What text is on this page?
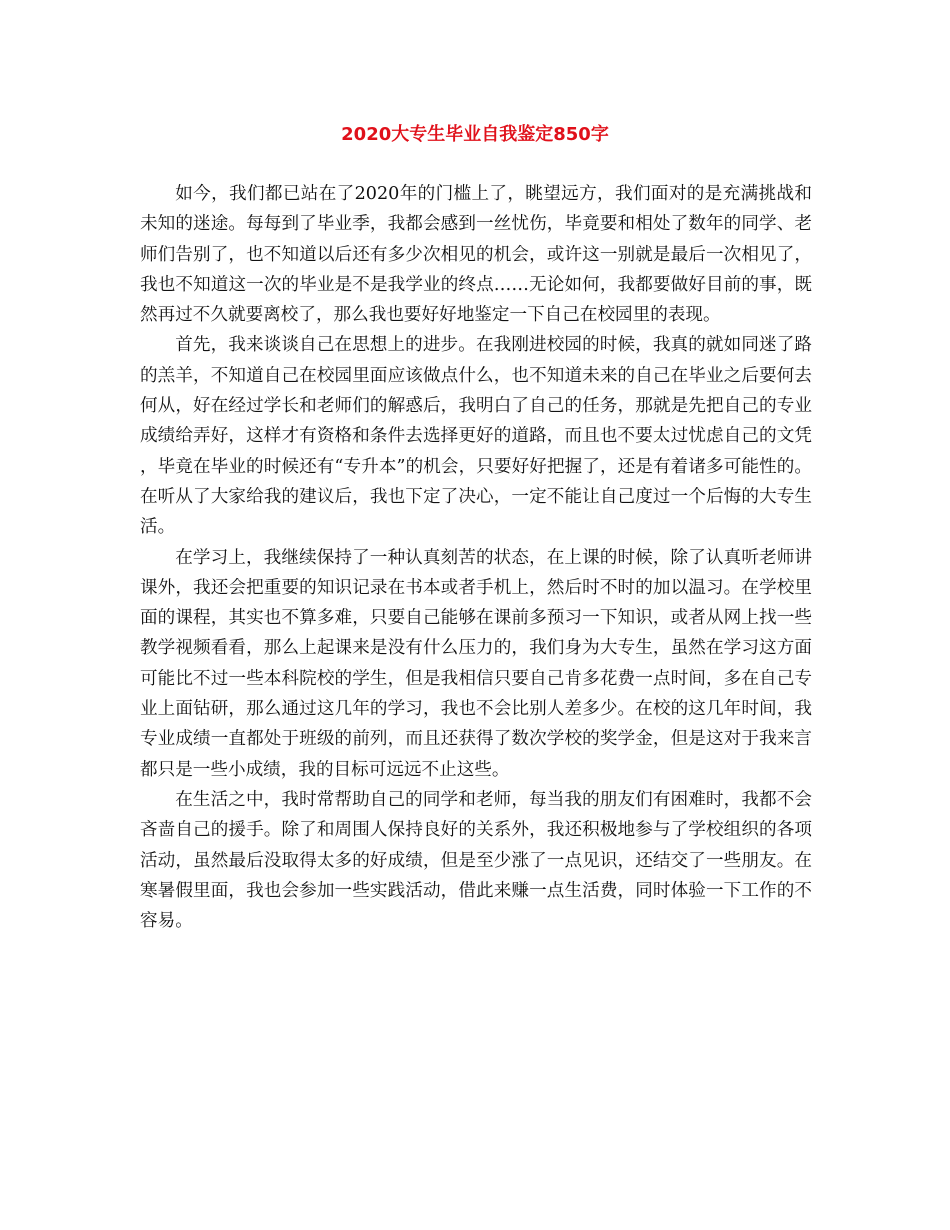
2020大专生毕业自我鉴定850字

如今，我们都已站在了2020年的门槛上了，眺望远方，我们面对的是充满挑战和未知的迷途。每每到了毕业季，我都会感到一丝忧伤，毕竟要和相处了数年的同学、老师们告别了，也不知道以后还有多少次相见的机会，或许这一别就是最后一次相见了，我也不知道这一次的毕业是不是我学业的终点……无论如何，我都要做好目前的事，既然再过不久就要离校了，那么我也要好好地鉴定一下自己在校园里的表现。

首先，我来谈谈自己在思想上的进步。在我刚进校园的时候，我真的就如同迷了路的羔羊，不知道自己在校园里面应该做点什么，也不知道未来的自己在毕业之后要何去何从，好在经过学长和老师们的解惑后，我明白了自己的任务，那就是先把自己的专业成绩给弄好，这样才有资格和条件去选择更好的道路，而且也不要太过忧虑自己的文凭，毕竟在毕业的时候还有“专升本”的机会，只要好好把握了，还是有着诸多可能性的。在听从了大家给我的建议后，我也下定了决心，一定不能让自己度过一个后悔的大专生活。

在学习上，我继续保持了一种认真刻苦的状态，在上课的时候，除了认真听老师讲课外，我还会把重要的知识记录在书本或者手机上，然后时不时的加以温习。在学校里面的课程，其实也不算多难，只要自己能够在课前多预习一下知识，或者从网上找一些教学视频看看，那么上起课来是没有什么压力的，我们身为大专生，虽然在学习这方面可能比不过一些本科院校的学生，但是我相信只要自己肯多花费一点时间，多在自己专业上面钻研，那么通过这几年的学习，我也不会比别人差多少。在校的这几年时间，我专业成绩一直都处于班级的前列，而且还获得了数次学校的奖学金，但是这对于我来言都只是一些小成绩，我的目标可远远不止这些。

在生活之中，我时常帮助自己的同学和老师，每当我的朋友们有困难时，我都不会吝啬自己的援手。除了和周围人保持良好的关系外，我还积极地参与了学校组织的各项活动，虽然最后没取得太多的好成绩，但是至少涨了一点见识，还结交了一些朋友。在寒暑假里面，我也会参加一些实践活动，借此来赚一点生活费，同时体验一下工作的不容易。
